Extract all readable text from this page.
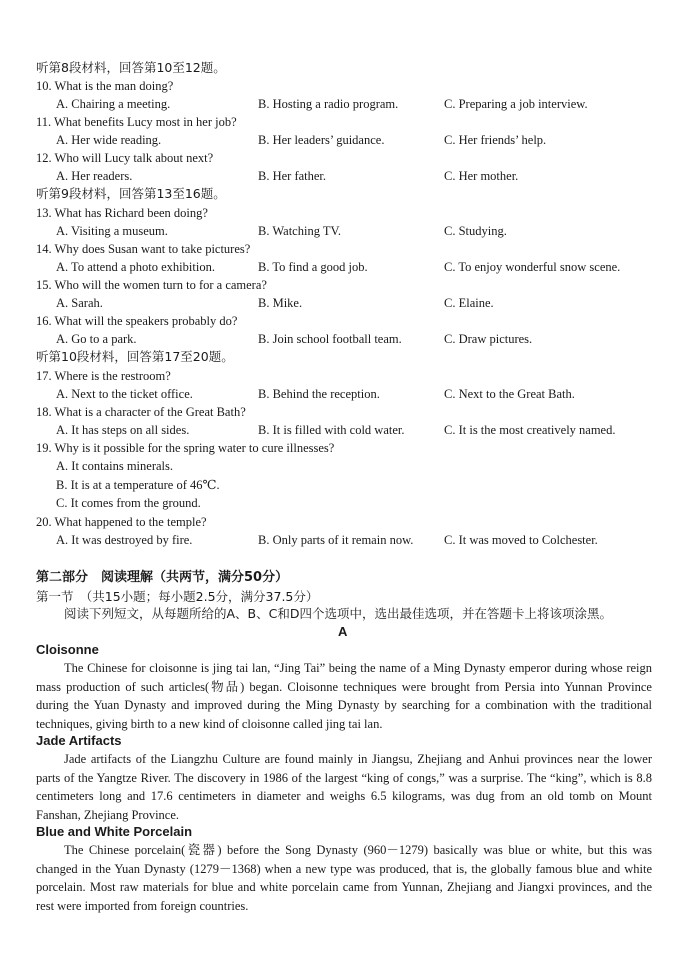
听第8段材料，回答第10至12题。
10. What is the man doing?
A. Chairing a meeting.	B. Hosting a radio program.	C. Preparing a job interview.
11. What benefits Lucy most in her job?
A. Her wide reading.	B. Her leaders’ guidance.	C. Her friends’ help.
12. Who will Lucy talk about next?
A. Her readers.	B. Her father.	C. Her mother.
听第9段材料，回答第13至16题。
13. What has Richard been doing?
A. Visiting a museum.	B. Watching TV.	C. Studying.
14. Why does Susan want to take pictures?
A. To attend a photo exhibition.	B. To find a good job.	C. To enjoy wonderful snow scene.
15. Who will the women turn to for a camera?
A. Sarah.	B. Mike.	C. Elaine.
16. What will the speakers probably do?
A. Go to a park.	B. Join school football team.	C. Draw pictures.
听第10段材料，回答第17至20题。
17. Where is the restroom?
A. Next to the ticket office.	B. Behind the reception.	C. Next to the Great Bath.
18. What is a character of the Great Bath?
A. It has steps on all sides.	B. It is filled with cold water.	C. It is the most creatively named.
19. Why is it possible for the spring water to cure illnesses?
A. It contains minerals.
B. It is at a temperature of 46℃.
C. It comes from the ground.
20. What happened to the temple?
A. It was destroyed by fire.	B. Only parts of it remain now. C. It was moved to Colchester.
第二部分　阅读理解（共两节，满分50分）
第一节　（共15小题；每小题2.5分，满分37.5分）
阅读下列短文，从每题所给的A、B、C和D四个选项中，选出最佳选项，并在答题卡上将该项涂黑。
A
Cloisonne
The Chinese for cloisonne is jing tai lan, “Jing Tai” being the name of a Ming Dynasty emperor during whose reign mass production of such articles(物品) began. Cloisonne techniques were brought from Persia into Yunnan Province during the Yuan Dynasty and improved during the Ming Dynasty by searching for a combination with the traditional techniques, giving birth to a new kind of cloisonne called jing tai lan.
Jade Artifacts
Jade artifacts of the Liangzhu Culture are found mainly in Jiangsu, Zhejiang and Anhui provinces near the lower parts of the Yangtze River. The discovery in 1986 of the largest “king of congs,” was a surprise. The “king”, which is 8.8 centimeters long and 17.6 centimeters in diameter and weighs 6.5 kilograms, was dug from an old tomb on Mount Fanshan, Zhejiang Province.
Blue and White Porcelain
The Chinese porcelain(瓷器) before the Song Dynasty (960－1279) basically was blue or white, but this was changed in the Yuan Dynasty (1279－1368) when a new type was produced, that is, the globally famous blue and white porcelain. Most raw materials for blue and white porcelain came from Yunnan, Zhejiang and Jiangxi provinces, and the rest were imported from foreign countries.
